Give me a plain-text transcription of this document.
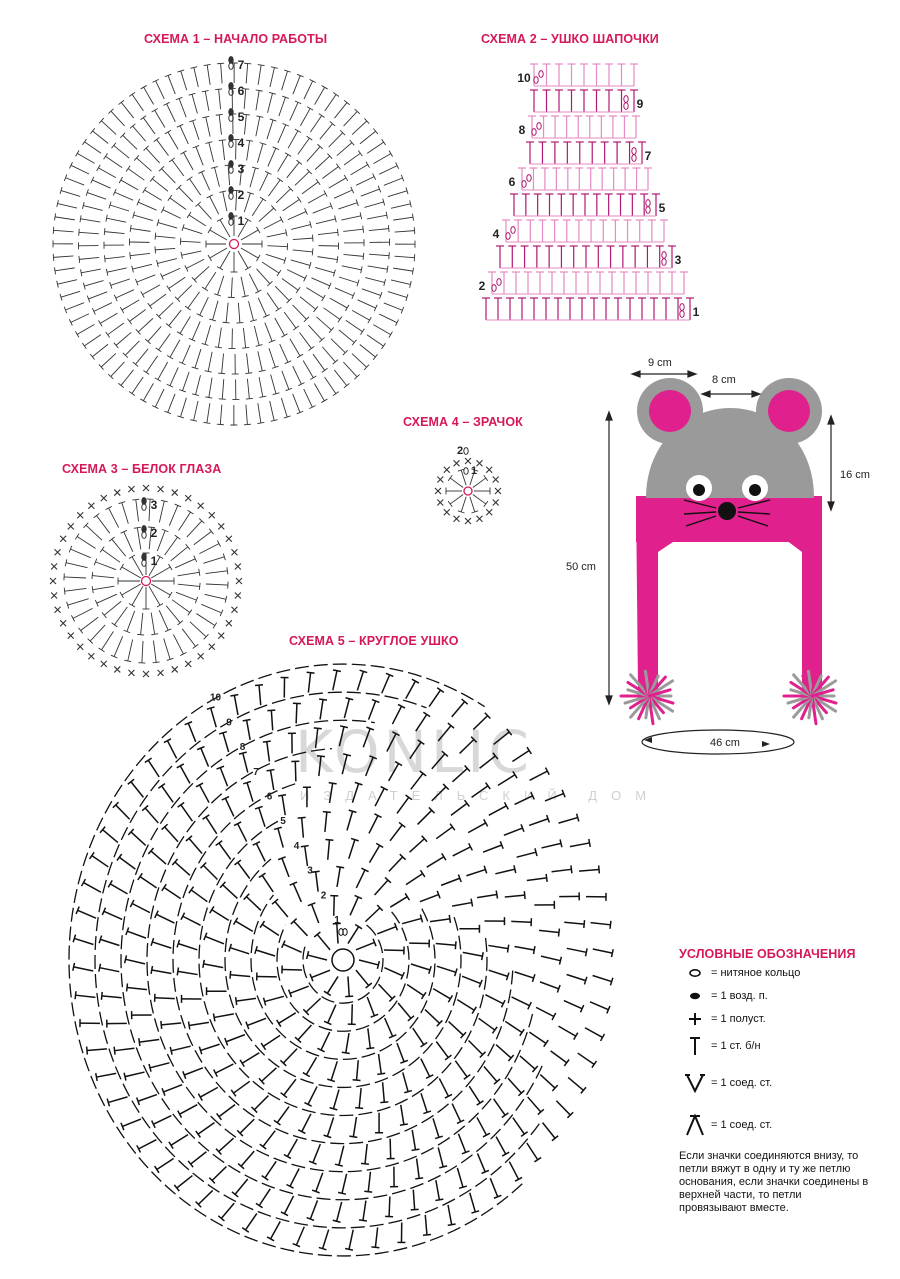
СХЕМА 1 – НАЧАЛО РАБОТЫ	СХЕМА 2 – УШКО ШАПОЧКИ
СХЕМА 3 – БЕЛОК ГЛАЗА
СХЕМА 4 – ЗРАЧОК
СХЕМА 5 – КРУГЛОЕ УШКО
KONLIC
ИЗДАТЕЛЬСКИЙ ДОМ
1
2
3
4
5
6
7
1
3
5
7
9
2
4
6
8
10
1
2
3
1
2
1
2
3
4
5
6
7
8
9
10
9 cm
8 cm
16 cm
50 cm
46 cm
УСЛОВНЫЕ ОБОЗНАЧЕНИЯ
= нитяное кольцо
= 1 возд. п.
= 1 полуст.
= 1 ст. б/н
= 1 соед. ст.
= 1 соед. ст.
Если значки соединяются внизу, то петли вяжут в одну и ту же петлю основания, если значки соединены в верхней части, то петли провязывают вместе.
